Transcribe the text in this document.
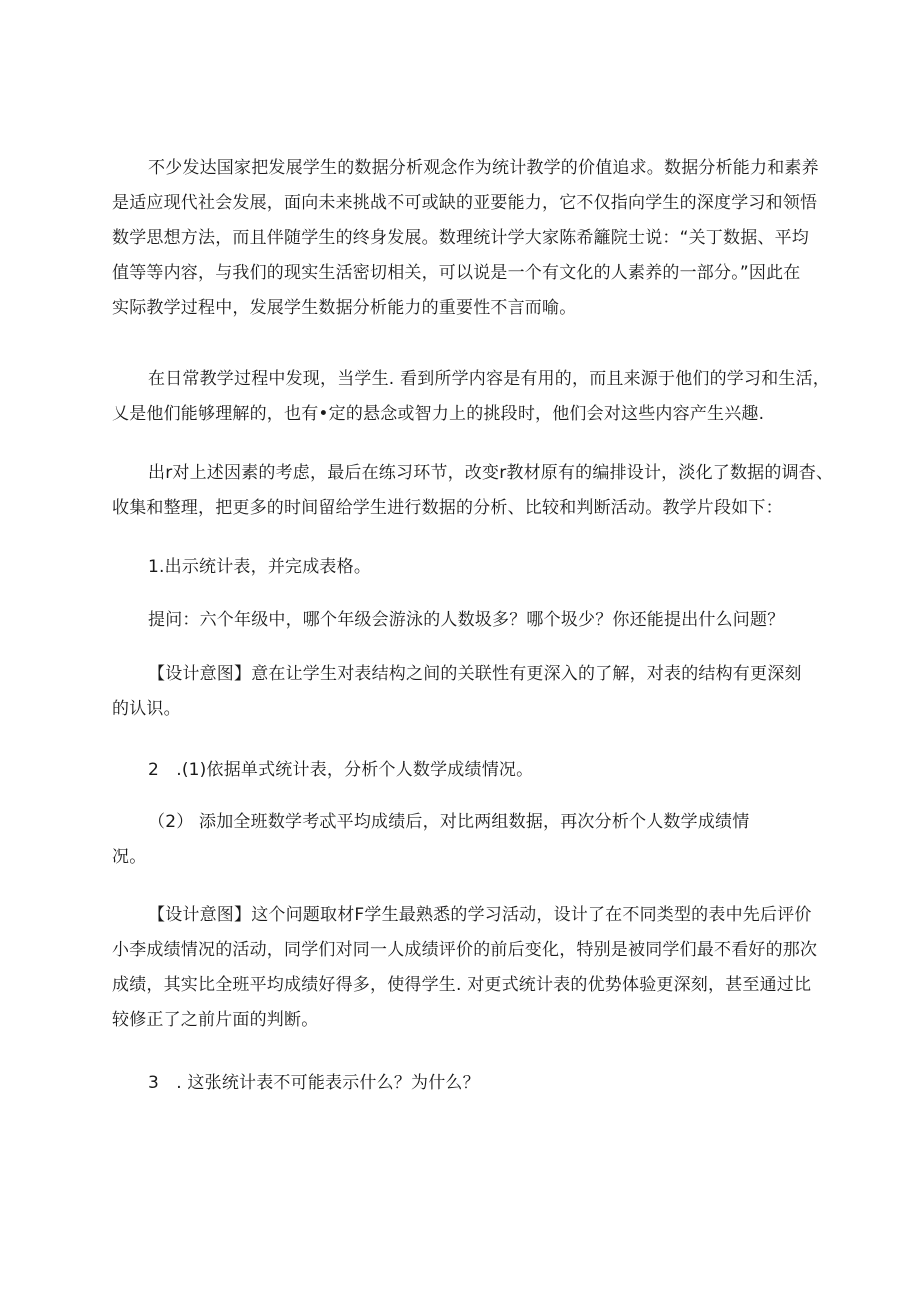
不少发达国家把发展学生的数据分析观念作为统计教学的价值追求。数据分析能力和素养
是适应现代社会发展，面向未来挑战不可或缺的亚要能力，它不仅指向学生的深度学习和领悟
数学思想方法，而且伴随学生的终身发展。数理统计学大家陈希籬院士说：“关丁数据、平均
值等等内容，与我们的现实生活密切相关，可以说是一个有文化的人素养的一部分。”因此在
实际教学过程中，发展学生数据分析能力的重要性不言而喻。
在日常教学过程中发现，当学生. 看到所学内容是有用的，而且来源于他们的学习和生活，
乂是他们能够理解的，也有•定的悬念或智力上的挑段时，他们会对这些内容产生兴趣.
出r对上述因素的考虑，最后在练习环节，改变r教材原有的编排设计，淡化了数据的调杳、
收集和整理，把更多的时间留给学生进行数据的分析、比较和判断活动。教学片段如下：
1.出示统计表，并完成表格。
提问：六个年级中，哪个年级会游泳的人数圾多？哪个圾少？你还能提出什么问题？
【设计意图】意在让学生对表结构之间的关联性有更深入的了解，对表的结构有更深刻
的认识。
2　.(1)依据单式统计表，分析个人数学成绩情况。
（2） 添加全班数学考忒平均成绩后，对比两组数据，再次分析个人数学成绩情
况。
【设计意图】这个问题取材F学生最熟悉的学习活动，设计了在不同类型的表中先后评价
小李成绩情况的活动，同学们对同一人成绩评价的前后变化，特别是被同学们最不看好的那次
成绩，其实比全班平均成绩好得多，使得学生. 对更式统计表的优势体验更深刻，甚至通过比
较修正了之前片面的判断。
3　. 这张统计表不可能表示什么？为什么？
